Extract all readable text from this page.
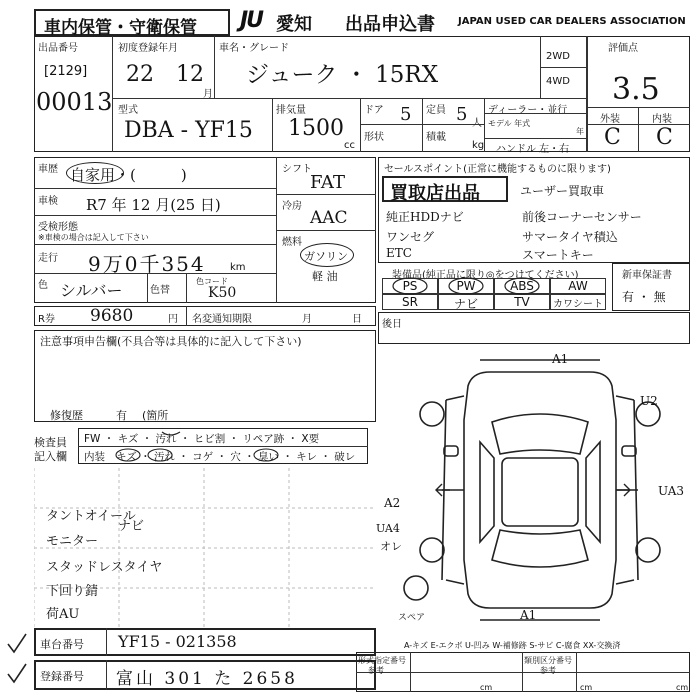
車内保管・守衛保管 JU 愛知 出品申込書 JAPAN USED CAR DEALERS ASSOCIATION
出品番号
[2129]
00013
初度登録年月
22 12
月
車名・グレード
ジューク ・ 15RX
2WD
4WD
評価点
3.5
外装	内装
C C
型式
DBA - YF15
排気量
1500
cc
ドア 5 定員 5 人
形状	積載
kg
ディーラー・並行
モデル 年式
年
ハンドル 左・右
車歴 自家用・(　　　)
車検 R7 年 12 月(25 日)
受検形態
※車検の場合は記入して下さい
走行 9万0千354 km
色 シルバー	色替
色コード
K50
シフト
FAT
冷房
AAC
燃料
ガソリン
軽 油
セールスポイント(正常に機能するものに限ります)
買取店出品	ユーザー買取車
純正HDDナビ	前後コーナーセンサー
ワンセグ	サマータイヤ積込
ETC	スマートキー
装備品(純正品に限り◎をつけてください)
PS	PW	ABS	AW
SR	ナビ	TV	カワシート
新車保証書
有 ・ 無
R券 9680	円 名変通知期限	月	日
注意事項申告欄(不具合等は具体的に記入して下さい)
修復歴	有 (箇所
後日
検査員
記入欄
FW ・ キズ ・ 汚れ ・ ヒビ割 ・ リペア跡 ・ X要
内装 キズ ・ 汚れ ・ コゲ ・ 穴 ・ 臭い ・ キレ ・ 破レ
タントオイール
ナビ
モニター
スタッドレスタイヤ
下回り錆
荷AU
A1
U2
A2
UA3
UA4
オレ
A1
スペア
A-キズ E-エクボ U-凹み W-補修跡 S-サビ C-腐食 XX-交換済
車台番号 YF15 - 021358
登録番号 富山 301 た 2658
形式指定番号
参考
類別区分番号
参考
cm	cm	cm
